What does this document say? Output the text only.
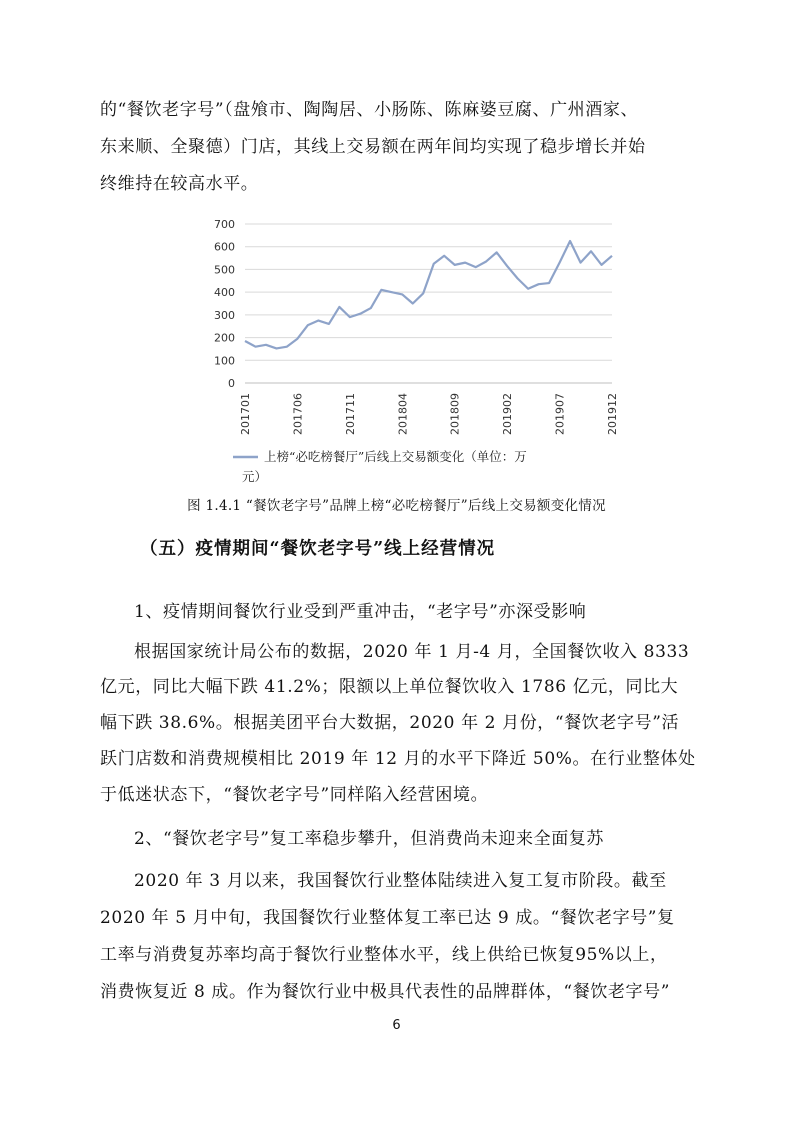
的“餐饮老字号”（盘飧市、陶陶居、小肠陈、陈麻婆豆腐、广州酒家、
东来顺、全聚德）门店，其线上交易额在两年间均实现了稳步增长并始
终维持在较高水平。
0
100
200
300
400
500
600
700
201701	201706	201711	201804	201809	201902	201907	201912
上榜“必吃榜餐厅”后线上交易额变化（单位：万
元）
图 1.4.1 “餐饮老字号”品牌上榜“必吃榜餐厅”后线上交易额变化情况
（五）疫情期间“餐饮老字号”线上经营情况
1、疫情期间餐饮行业受到严重冲击，“老字号”亦深受影响
根据国家统计局公布的数据，2020 年 1 月-4 月，全国餐饮收入 8333
亿元，同比大幅下跌 41.2%；限额以上单位餐饮收入 1786 亿元，同比大
幅下跌 38.6%。根据美团平台大数据，2020 年 2 月份，“餐饮老字号”活
跃门店数和消费规模相比 2019 年 12 月的水平下降近 50%。在行业整体处
于低迷状态下，“餐饮老字号”同样陷入经营困境。
2、“餐饮老字号”复工率稳步攀升，但消费尚未迎来全面复苏
2020 年 3 月以来，我国餐饮行业整体陆续进入复工复市阶段。截至
2020 年 5 月中旬，我国餐饮行业整体复工率已达 9 成。“餐饮老字号”复
工率与消费复苏率均高于餐饮行业整体水平，线上供给已恢复95%以上，
消费恢复近 8 成。作为餐饮行业中极具代表性的品牌群体，“餐饮老字号”
6
